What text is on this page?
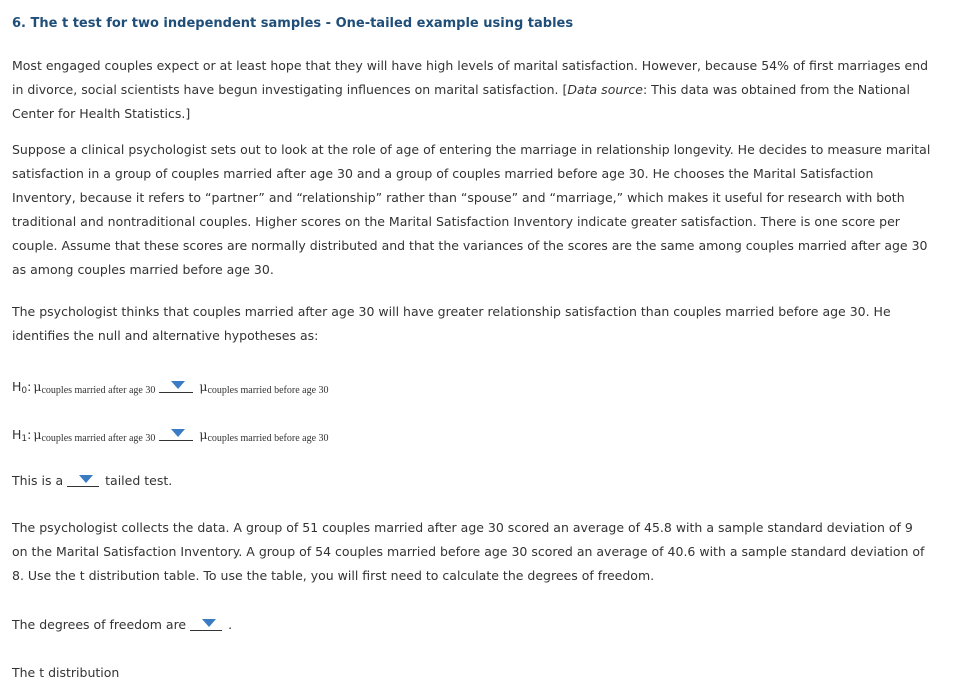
6. The t test for two independent samples - One-tailed example using tables

Most engaged couples expect or at least hope that they will have high levels of marital satisfaction. However, because 54% of first marriages end in divorce, social scientists have begun investigating influences on marital satisfaction. [Data source: This data was obtained from the National Center for Health Statistics.]

Suppose a clinical psychologist sets out to look at the role of age of entering the marriage in relationship longevity. He decides to measure marital satisfaction in a group of couples married after age 30 and a group of couples married before age 30. He chooses the Marital Satisfaction Inventory, because it refers to “partner” and “relationship” rather than “spouse” and “marriage,” which makes it useful for research with both traditional and nontraditional couples. Higher scores on the Marital Satisfaction Inventory indicate greater satisfaction. There is one score per couple. Assume that these scores are normally distributed and that the variances of the scores are the same among couples married after age 30 as among couples married before age 30.

The psychologist thinks that couples married after age 30 will have greater relationship satisfaction than couples married before age 30. He identifies the null and alternative hypotheses as:

H0: μcouples married after age 30	μcouples married before age 30
H1: μcouples married after age 30	μcouples married before age 30
This is a	tailed test.

The psychologist collects the data. A group of 51 couples married after age 30 scored an average of 45.8 with a sample standard deviation of 9 on the Marital Satisfaction Inventory. A group of 54 couples married before age 30 scored an average of 40.6 with a sample standard deviation of 8. Use the t distribution table. To use the table, you will first need to calculate the degrees of freedom.

The degrees of freedom are	.
The t distribution
